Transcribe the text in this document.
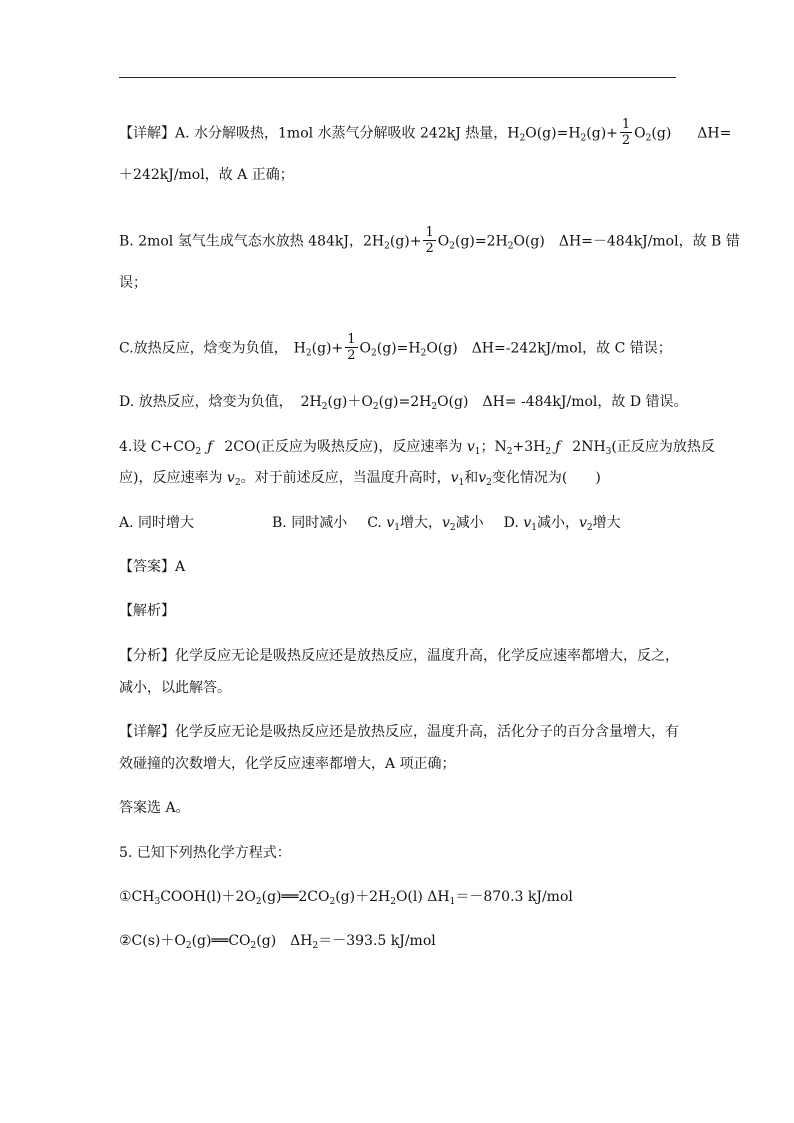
【详解】A. 水分解吸热，1mol 水蒸气分解吸收 242kJ 热量，$H_2O(g)=H_2(g)+ \frac{1}{2} O_2(g)$ ΔH=
＋242kJ/mol，故 A 正确；
B. 2mol 氢气生成气态水放热 484kJ，$2H_2(g)+ \frac{1}{2} O_2(g)=2H_2O(g)$ ΔH=－484kJ/mol，故 B 错
误；
C.放热反应，焓变为负值， $H_2(g)+ \frac{1}{2} O_2(g)=H_2O(g)$ ΔH=-242kJ/mol，故 C 错误；
D. 放热反应，焓变为负值， $2H_2(g)+O_2(g)=2H_2O(g)$ ΔH= -484kJ/mol，故 D 错误。
4.设 $C+CO_2$ ƒ 2CO(正反应为吸热反应)，反应速率为 $v_1$；$N_2+3H_2$ ƒ $2NH_3$(正反应为放热反
应)，反应速率为 $v_2$。对于前述反应，当温度升高时，$v_1$和$v_2$变化情况为(　　)
A. 同时增大	B. 同时减小 C. $v_1$增大，$v_2$减小 D. $v_1$减小，$v_2$增大
【答案】A
【解析】
【分析】化学反应无论是吸热反应还是放热反应，温度升高，化学反应速率都增大，反之，
减小，以此解答。
【详解】化学反应无论是吸热反应还是放热反应，温度升高，活化分子的百分含量增大，有
效碰撞的次数增大，化学反应速率都增大，A 项正确；
答案选 A。
5. 已知下列热化学方程式：
$①CH_3COOH(l)+2O_2(g)══2CO_2(g)+2H_2O(l)$ $\Delta H_1=-870.3$ kJ/mol
$②C(s)+O_2(g)══CO_2(g)$　$\Delta H_2=-393.5$ kJ/mol
